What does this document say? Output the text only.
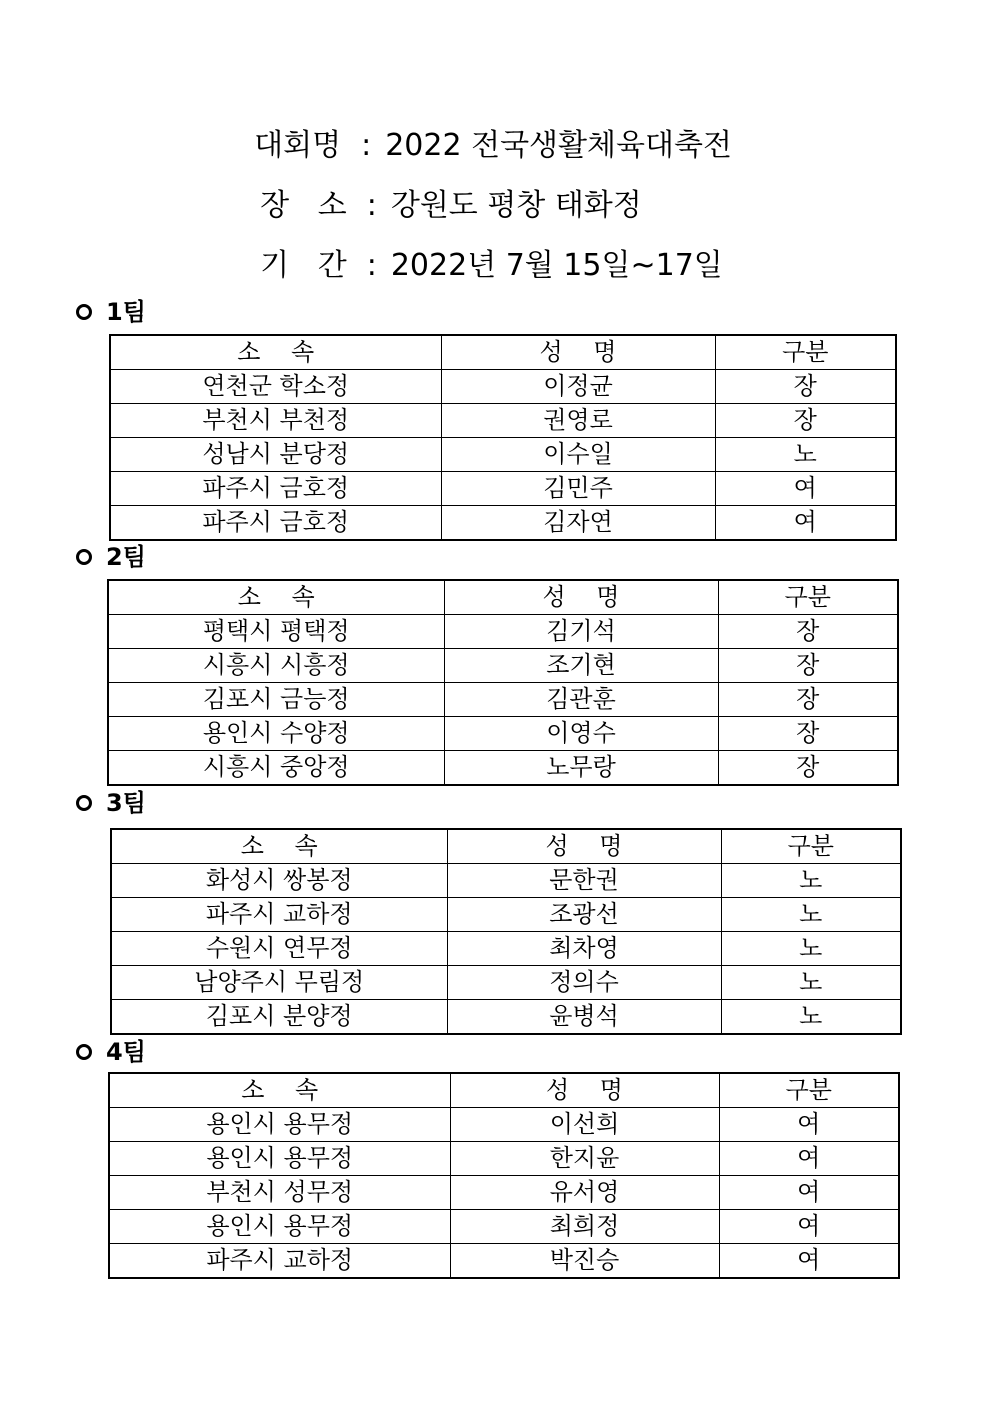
대회명 : 2022 전국생활체육대축전

장   소 : 강원도 평창 태화정

기   간 : 2022년 7월 15일~17일

1팀
소    속	성    명	구분
연천군 학소정	이정균	장
부천시 부천정	권영로	장
성남시 분당정	이수일	노
파주시 금호정	김민주	여
파주시 금호정	김자연	여
2팀
소    속	성    명	구분
평택시 평택정	김기석	장
시흥시 시흥정	조기현	장
김포시 금능정	김관훈	장
용인시 수양정	이영수	장
시흥시 중앙정	노무랑	장
3팀
소    속	성    명	구분
화성시 쌍봉정	문한권	노
파주시 교하정	조광선	노
수원시 연무정	최차영	노
남양주시 무림정	정의수	노
김포시 분양정	윤병석	노
4팀
소    속	성    명	구분
용인시 용무정	이선희	여
용인시 용무정	한지윤	여
부천시 성무정	유서영	여
용인시 용무정	최희정	여
파주시 교하정	박진승	여
